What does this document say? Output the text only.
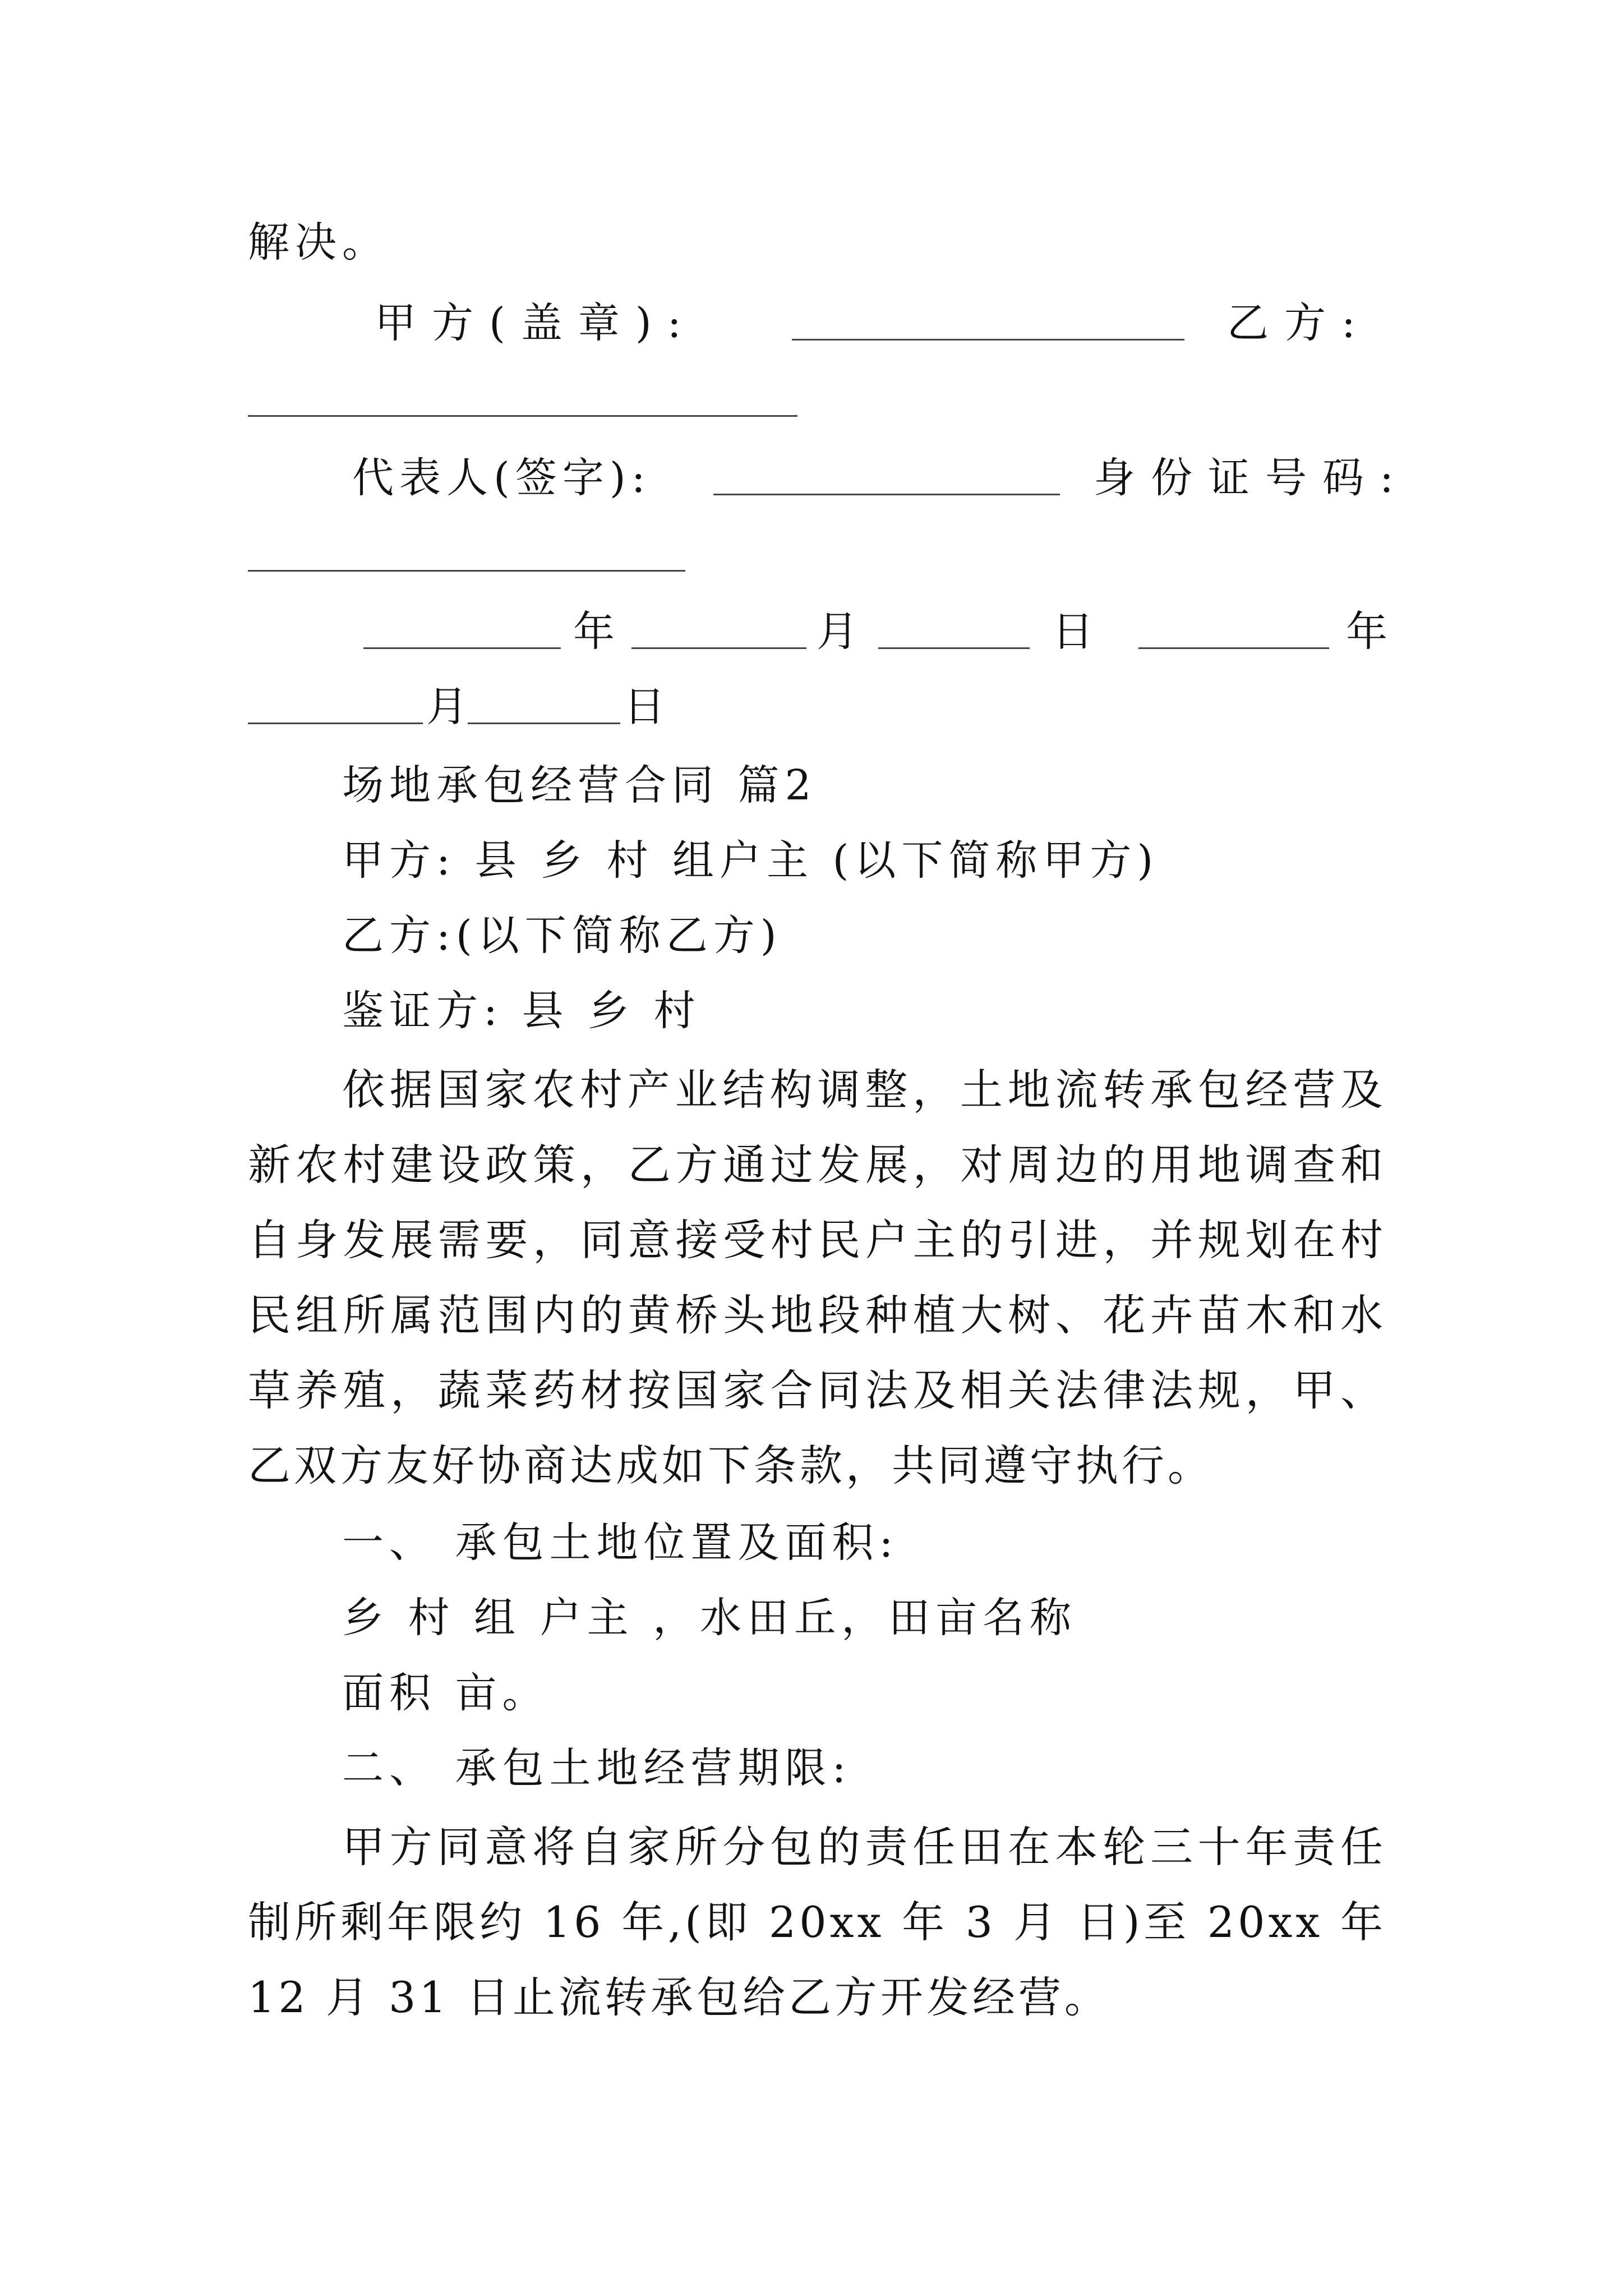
解决。
甲方(盖章):	乙方:
代表人(签字):	身份证号码:
年	月	日	年
月	日
场地承包经营合同 篇2
甲方: 县 乡 村 组户主 (以下简称甲方)
乙方:(以下简称乙方)
鉴证方: 县 乡 村

依据国家农村产业结构调整，土地流转承包经营及新农村建设政策，乙方通过发展，对周边的用地调查和自身发展需要，同意接受村民户主的引进，并规划在村民组所属范围内的黄桥头地段种植大树、花卉苗木和水草养殖，蔬菜药材按国家合同法及相关法律法规，甲、乙双方友好协商达成如下条款，共同遵守执行。

一、 承包土地位置及面积:
乡 村 组 户主 ，水田丘，田亩名称
面积 亩。
二、 承包土地经营期限:

甲方同意将自家所分包的责任田在本轮三十年责任制所剩年限约 16 年,(即 20xx 年 3 月 日)至 20xx 年 12 月 31 日止流转承包给乙方开发经营。
